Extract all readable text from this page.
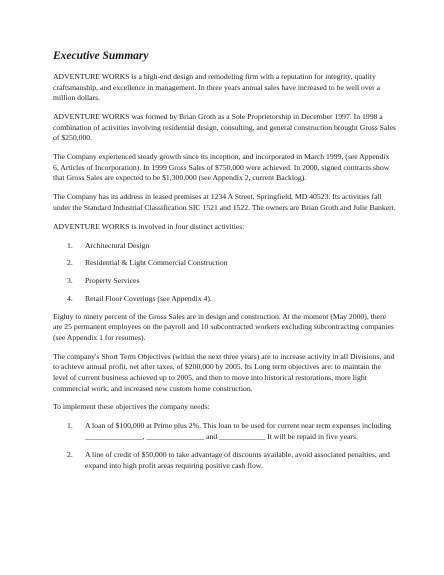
Executive Summary

ADVENTURE WORKS is a high-end design and remodeling firm with a reputation for integrity, quality craftsmanship, and excellence in management. In three years annual sales have increased to be well over a million dollars.

ADVENTURE WORKS was formed by Brian Groth as a Sole Proprietorship in December 1997. In 1998 a combination of activities involving residential design, consulting, and general construction brought Gross Sales of $250,000.

The Company experienced steady growth since its inception, and incorporated in March 1999, (see Appendix 6, Articles of Incorporation). In 1999 Gross Sales of $750,000 were achieved. In 2000, signed contracts show that Gross Sales are expected to be $1,300,000 (see Appendix 2, current Backlog).

The Company has its address in leased premises at 1234 A Street, Springfield, MD 40523. Its activities fall under the Standard Industrial Classification SIC 1521 and 1522. The owners are Brian Groth and Julie Bankert.

ADVENTURE WORKS is involved in four distinct activities:

1.	Architectural Design
2.	Residential & Light Commercial Construction
3.	Property Services
4.	Retail Floor Coverings (see Appendix 4).

Eighty to ninety percent of the Gross Sales are in design and construction. At the moment (May 2000), there are 25 permanent employees on the payroll and 10 subcontracted workers excluding subcontracting companies (see Appendix 1 for resumes).

The company's Short Term Objectives (within the next three years) are to increase activity in all Divisions, and to achieve annual profit, net after taxes, of $200,000 by 2005. Its Long term objectives are: to maintain the level of current business achieved up to 2005, and then to move into historical restorations, more light commercial work, and increased new custom home construction.

To implement these objectives the company needs:

1.	A loan of $100,000 at Prime plus 2%. This loan to be used for current near term expenses including _______________, _______________ and ____________ It will be repaid in five years.
2.	A line of credit of $50,000 to take advantage of discounts available, avoid associated penalties, and expand into high profit areas requiring positive cash flow.
